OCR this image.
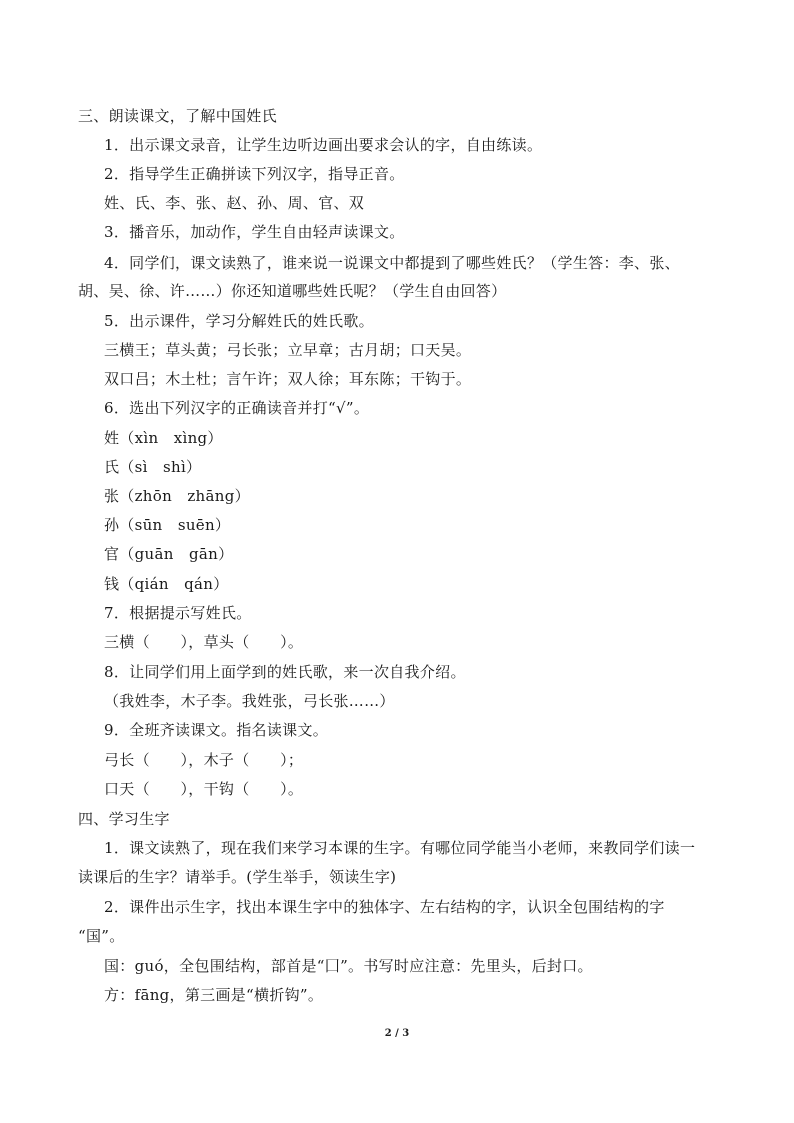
三、朗读课文，了解中国姓氏
1．出示课文录音，让学生边听边画出要求会认的字，自由练读。
2．指导学生正确拼读下列汉字，指导正音。
姓、氏、李、张、赵、孙、周、官、双
3．播音乐，加动作，学生自由轻声读课文。
4．同学们，课文读熟了，谁来说一说课文中都提到了哪些姓氏？（学生答：李、张、
胡、吴、徐、许……）你还知道哪些姓氏呢？（学生自由回答）
5．出示课件，学习分解姓氏的姓氏歌。
三横王；草头黄；弓长张；立早章；古月胡；口天吴。
双口吕；木土杜；言午许；双人徐；耳东陈；干钩于。
6．选出下列汉字的正确读音并打“√”。
姓（xìn　xìng）
氏（sì　shì）
张（zhōn　zhāng）
孙（sūn　suēn）
官（guān　gān）
钱（qián　qán）
7．根据提示写姓氏。
三横（　　），草头（　　）。
8．让同学们用上面学到的姓氏歌，来一次自我介绍。
（我姓李，木子李。我姓张，弓长张……）
9．全班齐读课文。指名读课文。
弓长（　　），木子（　　）；
口天（　　），干钩（　　）。
四、学习生字
1．课文读熟了，现在我们来学习本课的生字。有哪位同学能当小老师，来教同学们读一
读课后的生字？请举手。(学生举手，领读生字)
2．课件出示生字，找出本课生字中的独体字、左右结构的字，认识全包围结构的字
“国”。
国：guó，全包围结构，部首是“囗”。书写时应注意：先里头，后封口。
方：fāng，第三画是“横折钩”。
2 / 3
